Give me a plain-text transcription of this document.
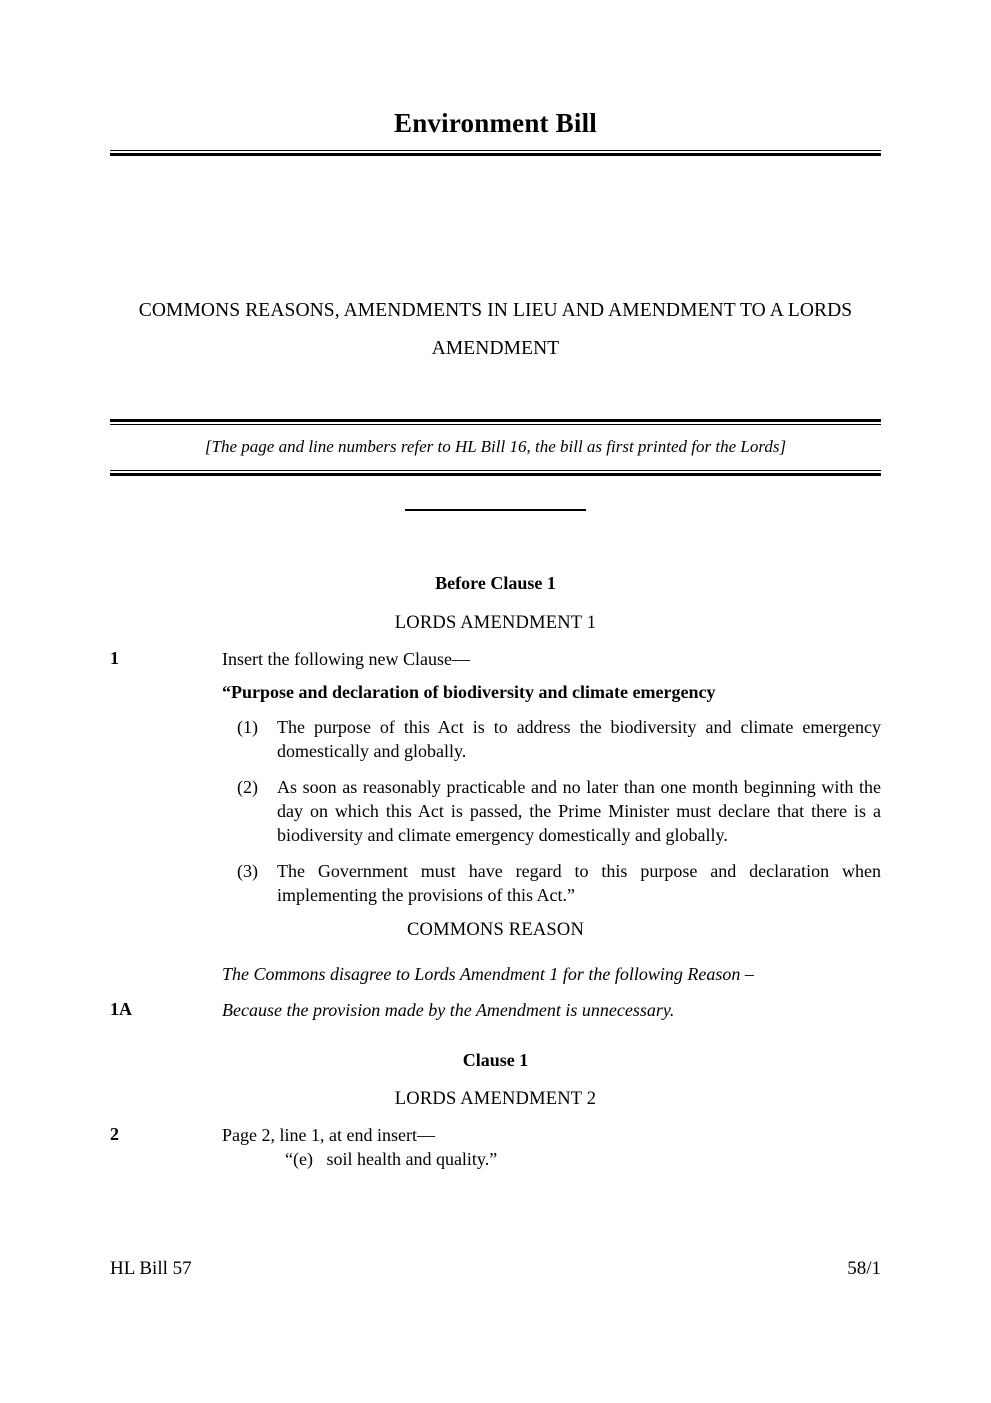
Environment Bill
COMMONS REASONS, AMENDMENTS IN LIEU AND AMENDMENT TO A LORDS
AMENDMENT
[The page and line numbers refer to HL Bill 16, the bill as first printed for the Lords]
Before Clause 1
LORDS AMENDMENT 1
1	Insert the following new Clause—
“Purpose and declaration of biodiversity and climate emergency
(1) The purpose of this Act is to address the biodiversity and climate emergency domestically and globally.
(2) As soon as reasonably practicable and no later than one month beginning with the day on which this Act is passed, the Prime Minister must declare that there is a biodiversity and climate emergency domestically and globally.
(3) The Government must have regard to this purpose and declaration when implementing the provisions of this Act.”
COMMONS REASON
The Commons disagree to Lords Amendment 1 for the following Reason –
1A	Because the provision made by the Amendment is unnecessary.
Clause 1
LORDS AMENDMENT 2
2	Page 2, line 1, at end insert—
“(e)   soil health and quality.”
HL Bill 57	58/1
